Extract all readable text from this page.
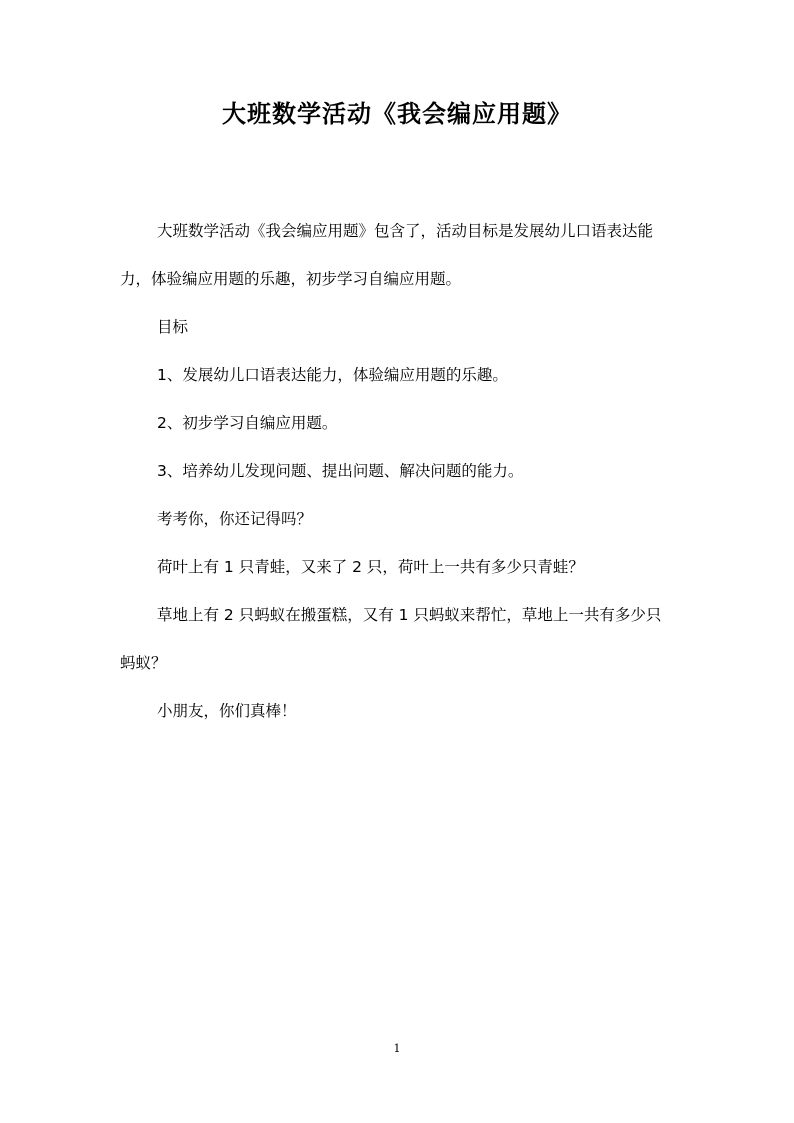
大班数学活动《我会编应用题》

大班数学活动《我会编应用题》包含了，活动目标是发展幼儿口语表达能力，体验编应用题的乐趣，初步学习自编应用题。

目标

1、发展幼儿口语表达能力，体验编应用题的乐趣。

2、初步学习自编应用题。

3、培养幼儿发现问题、提出问题、解决问题的能力。

考考你，你还记得吗？

荷叶上有 1 只青蛙，又来了 2 只，荷叶上一共有多少只青蛙？

草地上有 2 只蚂蚁在搬蛋糕，又有 1 只蚂蚁来帮忙，草地上一共有多少只蚂蚁？

小朋友，你们真棒！

1
